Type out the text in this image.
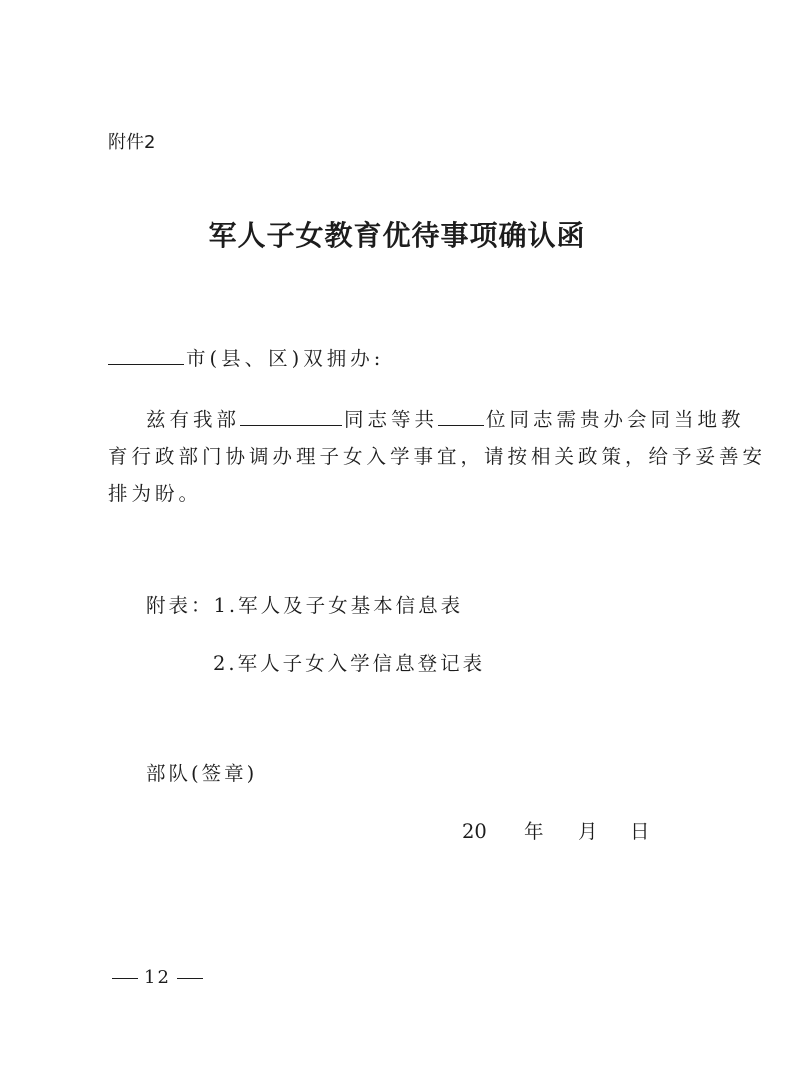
附件2
军人子女教育优待事项确认函
市(县、区)双拥办:
兹有我部	同志等共 位同志需贵办会同当地教
育行政部门协调办理子女入学事宜，请按相关政策，给予妥善安
排为盼。
附表：1.军人及子女基本信息表
2.军人子女入学信息登记表
部队(签章)
20 年 月 日
12
